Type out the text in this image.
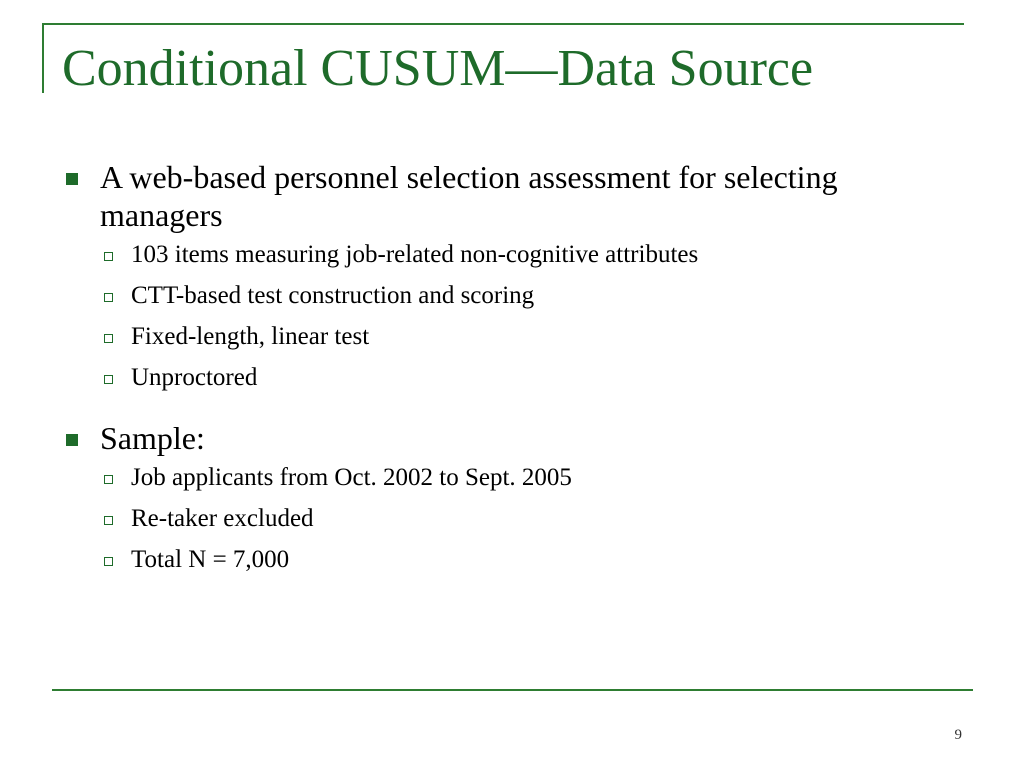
Conditional CUSUM—Data Source
A web-based personnel selection assessment for selecting managers
103 items measuring job-related non-cognitive attributes
CTT-based test construction and scoring
Fixed-length, linear test
Unproctored
Sample:
Job applicants from Oct. 2002 to Sept. 2005
Re-taker excluded
Total N = 7,000
9
